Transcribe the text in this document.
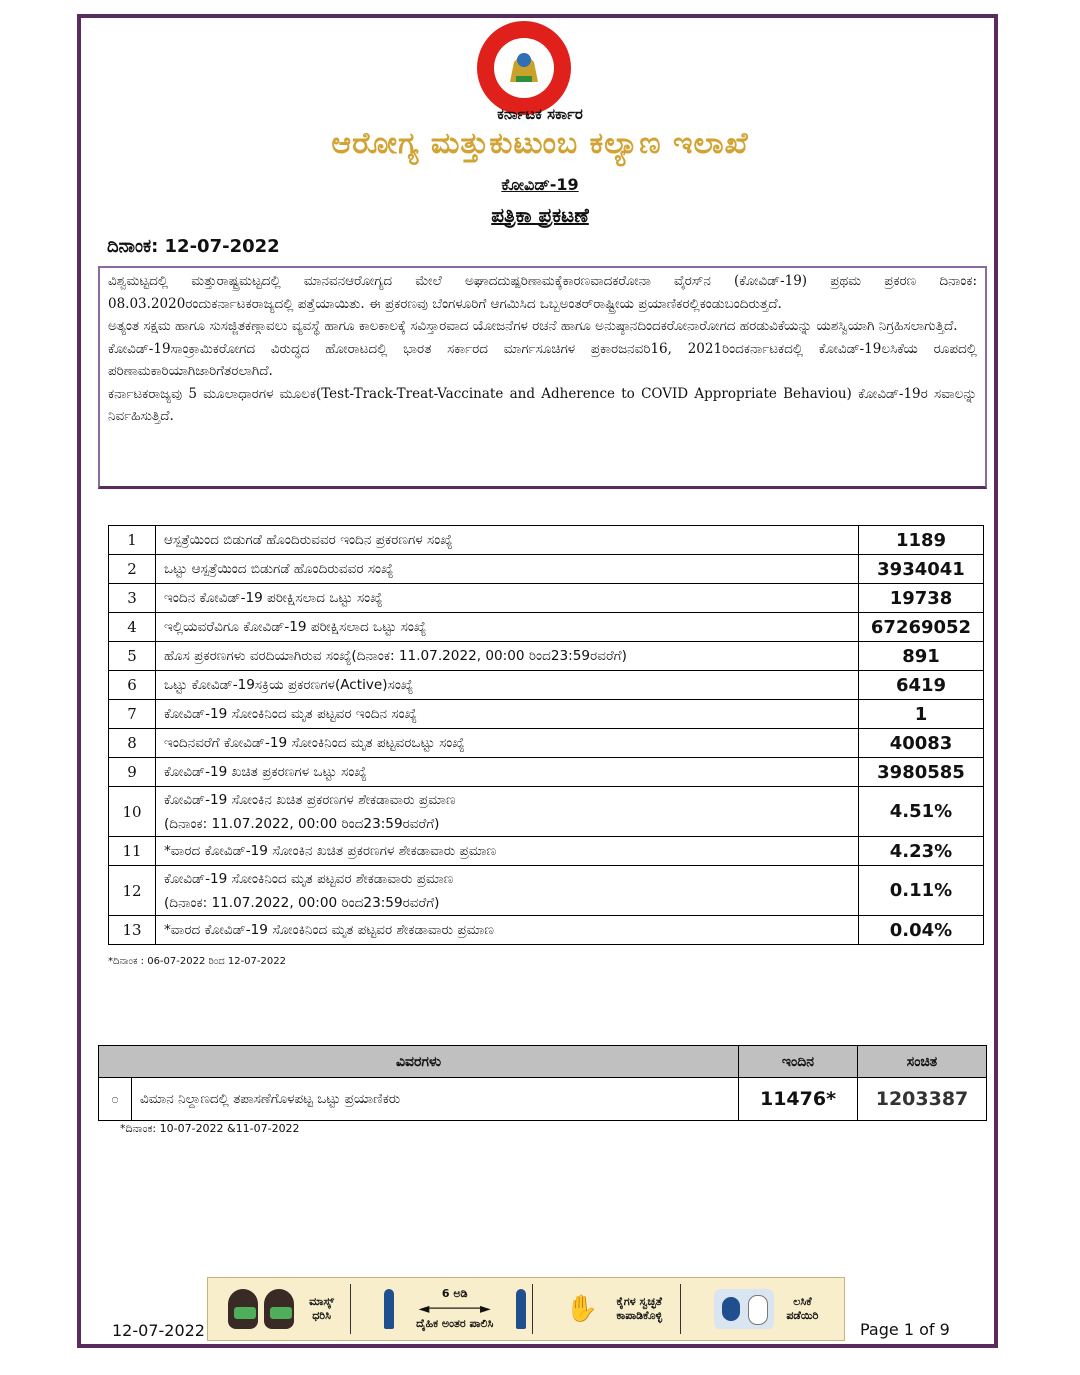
ಕರ್ನಾಟಕ ಸರ್ಕಾರ
ಆರೋಗ್ಯ ಮತ್ತುಕುಟುಂಬ ಕಲ್ಯಾಣ ಇಲಾಖೆ
ಕೋವಿಡ್-19
ಪತ್ರಿಕಾ ಪ್ರಕಟಣೆ
ದಿನಾಂಕ: 12-07-2022

ವಿಶ್ವಮಟ್ಟದಲ್ಲಿ ಮತ್ತುರಾಷ್ಟ್ರಮಟ್ಟದಲ್ಲಿ ಮಾನವನಆರೋಗ್ಯದ ಮೇಲೆ ಅಘಾದದುಷ್ಪರಿಣಾಮಕ್ಕೆಕಾರಣವಾದಕರೋನಾ ವೈರಸ್‌ನ (ಕೋವಿಡ್-19) ಪ್ರಥಮ ಪ್ರಕರಣ ದಿನಾಂಕ: 08.03.2020ರಂದುಕರ್ನಾಟಕರಾಜ್ಯದಲ್ಲಿ ಪತ್ತೆಯಾಯಿತು. ಈ ಪ್ರಕರಣವು ಬೆಂಗಳೂರಿಗೆ ಆಗಮಿಸಿದ ಒಬ್ಬಅಂತರ್‌ರಾಷ್ಟ್ರೀಯ ಪ್ರಯಾಣಿಕರಲ್ಲಿಕಂಡುಬಂದಿರುತ್ತದೆ.

ಅತ್ಯಂತ ಸಕ್ಷಮ ಹಾಗೂ ಸುಸಜ್ಜಿತಕಣ್ಗಾವಲು ವ್ಯವಸ್ಥೆ ಹಾಗೂ ಕಾಲಕಾಲಕ್ಕೆ ಸವಿಸ್ತಾರವಾದ ಯೋಜನೆಗಳ ರಚನೆ ಹಾಗೂ ಅನುಷ್ಠಾನದಿಂದಕರೋನಾರೋಗದ ಹರಡುವಿಕೆಯನ್ನು ಯಶಸ್ವಿಯಾಗಿ ನಿಗ್ರಹಿಸಲಾಗುತ್ತಿದೆ.

ಕೋವಿಡ್-19ಸಾಂಕ್ರಾಮಿಕರೋಗದ ವಿರುದ್ಧದ ಹೋರಾಟದಲ್ಲಿ ಭಾರತ ಸರ್ಕಾರದ ಮಾರ್ಗಸೂಚಿಗಳ ಪ್ರಕಾರಜನವರಿ16, 2021ರಿಂದಕರ್ನಾಟಕದಲ್ಲಿ ಕೋವಿಡ್-19ಲಸಿಕೆಯ ರೂಪದಲ್ಲಿ ಪರಿಣಾಮಕಾರಿಯಾಗಿಜಾರಿಗೆತರಲಾಗಿದೆ.

ಕರ್ನಾಟಕರಾಜ್ಯವು 5 ಮೂಲಾಧಾರಗಳ ಮೂಲಕ(Test-Track-Treat-Vaccinate and Adherence to COVID Appropriate Behaviou) ಕೋವಿಡ್-19ರ ಸವಾಲನ್ನು ನಿರ್ವಹಿಸುತ್ತಿದೆ.

1	ಆಸ್ಪತ್ರೆಯಿಂದ ಬಿಡುಗಡೆ ಹೊಂದಿರುವವರ ಇಂದಿನ ಪ್ರಕರಣಗಳ ಸಂಖ್ಯೆ	1189
2	ಒಟ್ಟು ಆಸ್ಪತ್ರೆಯಿಂದ ಬಿಡುಗಡೆ ಹೊಂದಿರುವವರ ಸಂಖ್ಯೆ	3934041
3	ಇಂದಿನ ಕೋವಿಡ್-19 ಪರೀಕ್ಷಿಸಲಾದ ಒಟ್ಟು ಸಂಖ್ಯೆ	19738
4	ಇಲ್ಲಿಯವರೆವಿಗೂ ಕೋವಿಡ್-19 ಪರೀಕ್ಷಿಸಲಾದ ಒಟ್ಟು ಸಂಖ್ಯೆ	67269052
5	ಹೊಸ ಪ್ರಕರಣಗಳು ವರದಿಯಾಗಿರುವ ಸಂಖ್ಯೆ(ದಿನಾಂಕ: 11.07.2022, 00:00 ರಿಂದ23:59ರವರೆಗೆ)	891
6	ಒಟ್ಟು ಕೋವಿಡ್-19ಸಕ್ರಿಯ ಪ್ರಕರಣಗಳ(Active)ಸಂಖ್ಯೆ	6419
7	ಕೋವಿಡ್-19 ಸೋಂಕಿನಿಂದ ಮೃತ ಪಟ್ಟವರ ಇಂದಿನ ಸಂಖ್ಯೆ	1
8	ಇಂದಿನವರೆಗೆ ಕೋವಿಡ್-19 ಸೋಂಕಿನಿಂದ ಮೃತ ಪಟ್ಟವರಒಟ್ಟು ಸಂಖ್ಯೆ	40083
9	ಕೋವಿಡ್-19 ಖಚಿತ ಪ್ರಕರಣಗಳ ಒಟ್ಟು ಸಂಖ್ಯೆ	3980585
10	ಕೋವಿಡ್-19 ಸೋಂಕಿನ ಖಚಿತ ಪ್ರಕರಣಗಳ ಶೇಕಡಾವಾರು ಪ್ರಮಾಣ
(ದಿನಾಂಕ: 11.07.2022, 00:00 ರಿಂದ23:59ರವರೆಗೆ)	4.51%
11	*ವಾರದ ಕೋವಿಡ್-19 ಸೋಂಕಿನ ಖಚಿತ ಪ್ರಕರಣಗಳ ಶೇಕಡಾವಾರು ಪ್ರಮಾಣ	4.23%
12	ಕೋವಿಡ್-19 ಸೋಂಕಿನಿಂದ ಮೃತ ಪಟ್ಟವರ ಶೇಕಡಾವಾರು ಪ್ರಮಾಣ
(ದಿನಾಂಕ: 11.07.2022, 00:00 ರಿಂದ23:59ರವರೆಗೆ)	0.11%
13	*ವಾರದ ಕೋವಿಡ್-19 ಸೋಂಕಿನಿಂದ ಮೃತ ಪಟ್ಟವರ ಶೇಕಡಾವಾರು ಪ್ರಮಾಣ	0.04%
*ದಿನಾಂಕ : 06-07-2022 ರಿಂದ 12-07-2022
ವಿವರಗಳು		ಇಂದಿನ	ಸಂಚಿತ
೦	ವಿಮಾನ ನಿಲ್ದಾಣದಲ್ಲಿ ತಪಾಸಣೆಗೊಳಪಟ್ಟ ಒಟ್ಟು ಪ್ರಯಾಣಿಕರು	11476*	1203387
*ದಿನಾಂಕ: 10-07-2022 &11-07-2022
ಮಾಸ್ಕ್ ಧರಿಸಿ
6 ಅಡಿ
◄──────►
ದೈಹಿಕ ಅಂತರ ಪಾಲಿಸಿ	✋	ಕೈಗಳ ಸ್ವಚ್ಛತೆ ಕಾಪಾಡಿಕೊಳ್ಳಿ
ಲಸಿಕೆ ಪಡೆಯಿರಿ
12-07-2022	Page 1 of 9
